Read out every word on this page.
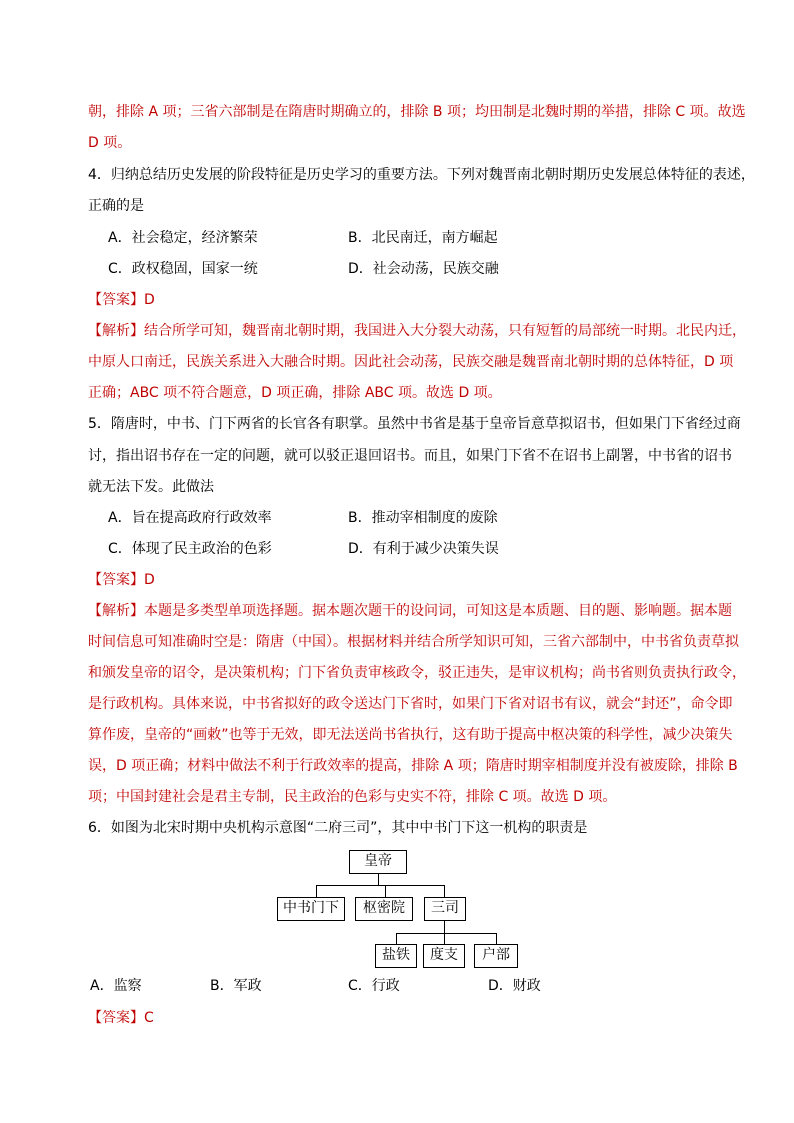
朝，排除 A 项；三省六部制是在隋唐时期确立的，排除 B 项；均田制是北魏时期的举措，排除 C 项。故选
D 项。
4．归纳总结历史发展的阶段特征是历史学习的重要方法。下列对魏晋南北朝时期历史发展总体特征的表述，
正确的是
A．社会稳定，经济繁荣	B．北民南迁，南方崛起
C．政权稳固，国家一统	D．社会动荡，民族交融
【答案】D
【解析】结合所学可知，魏晋南北朝时期，我国进入大分裂大动荡，只有短暂的局部统一时期。北民内迁，
中原人口南迁，民族关系进入大融合时期。因此社会动荡，民族交融是魏晋南北朝时期的总体特征，D 项
正确；ABC 项不符合题意，D 项正确，排除 ABC 项。故选 D 项。
5．隋唐时，中书、门下两省的长官各有职掌。虽然中书省是基于皇帝旨意草拟诏书，但如果门下省经过商
讨，指出诏书存在一定的问题，就可以驳正退回诏书。而且，如果门下省不在诏书上副署，中书省的诏书
就无法下发。此做法
A．旨在提高政府行政效率	B．推动宰相制度的废除
C．体现了民主政治的色彩	D．有利于减少决策失误
【答案】D
【解析】本题是多类型单项选择题。据本题次题干的设问词，可知这是本质题、目的题、影响题。据本题
时间信息可知准确时空是：隋唐（中国）。根据材料并结合所学知识可知，三省六部制中，中书省负责草拟
和颁发皇帝的诏令，是决策机构；门下省负责审核政令，驳正违失，是审议机构；尚书省则负责执行政令，
是行政机构。具体来说，中书省拟好的政令送达门下省时，如果门下省对诏书有议，就会“封还”，命令即
算作废，皇帝的“画敕”也等于无效，即无法送尚书省执行，这有助于提高中枢决策的科学性，减少决策失
误，D 项正确；材料中做法不利于行政效率的提高，排除 A 项；隋唐时期宰相制度并没有被废除，排除 B
项；中国封建社会是君主专制，民主政治的色彩与史实不符，排除 C 项。故选 D 项。
6．如图为北宋时期中央机构示意图“二府三司”，其中中书门下这一机构的职责是
皇帝
中书门下	枢密院	三司
盐铁	度支	户部
A．监察	B．军政	C．行政	D．财政
【答案】C
